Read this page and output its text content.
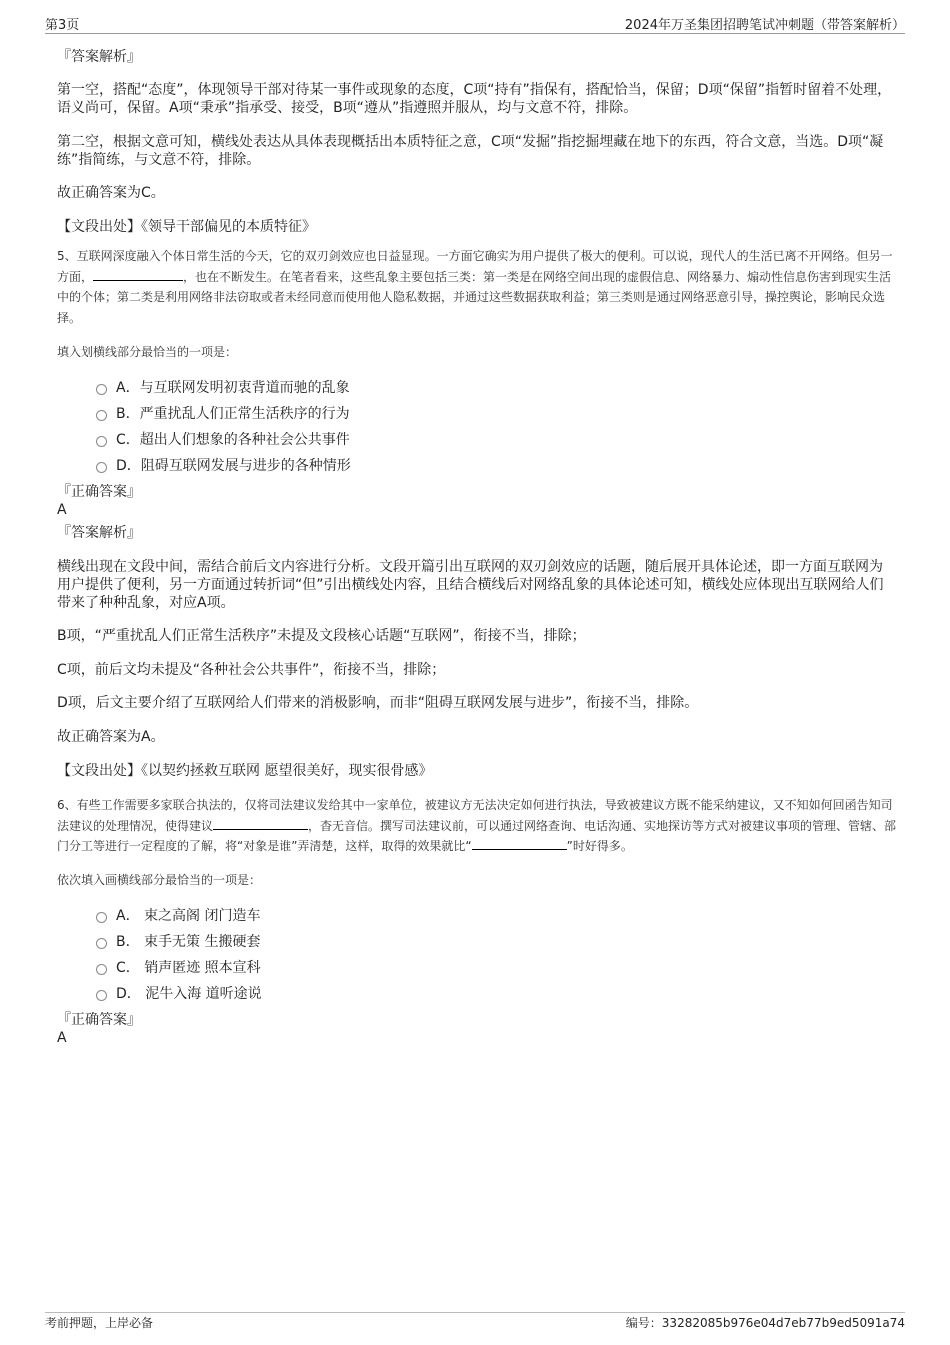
第3页	2024年万圣集团招聘笔试冲刺题（带答案解析）
『答案解析』
第一空，搭配“态度”，体现领导干部对待某一事件或现象的态度，C项“持有”指保有，搭配恰当，保留；D项“保留”指暂时留着不处理，语义尚可，保留。A项“秉承”指承受、接受，B项“遵从”指遵照并服从，均与文意不符，排除。
第二空，根据文意可知，横线处表达从具体表现概括出本质特征之意，C项“发掘”指挖掘埋藏在地下的东西，符合文意，当选。D项“凝练”指简练，与文意不符，排除。
故正确答案为C。
【文段出处】《领导干部偏见的本质特征》
5、互联网深度融入个体日常生活的今天，它的双刃剑效应也日益显现。一方面它确实为用户提供了极大的便利。可以说，现代人的生活已离不开网络。但另一方面，	，也在不断发生。在笔者看来，这些乱象主要包括三类：第一类是在网络空间出现的虚假信息、网络暴力、煽动性信息伤害到现实生活中的个体；第二类是利用网络非法窃取或者未经同意而使用他人隐私数据，并通过这些数据获取利益；第三类则是通过网络恶意引导，操控舆论，影响民众选择。
填入划横线部分最恰当的一项是：
A．与互联网发明初衷背道而驰的乱象
B．严重扰乱人们正常生活秩序的行为
C．超出人们想象的各种社会公共事件
D．阻碍互联网发展与进步的各种情形
『正确答案』
A
『答案解析』
横线出现在文段中间，需结合前后文内容进行分析。文段开篇引出互联网的双刃剑效应的话题，随后展开具体论述，即一方面互联网为用户提供了便利，另一方面通过转折词“但”引出横线处内容，且结合横线后对网络乱象的具体论述可知，横线处应体现出互联网给人们带来了种种乱象，对应A项。
B项，“严重扰乱人们正常生活秩序”未提及文段核心话题“互联网”，衔接不当，排除；
C项，前后文均未提及“各种社会公共事件”，衔接不当，排除；
D项，后文主要介绍了互联网给人们带来的消极影响，而非“阻碍互联网发展与进步”，衔接不当，排除。
故正确答案为A。
【文段出处】《以契约拯救互联网 愿望很美好，现实很骨感》
6、有些工作需要多家联合执法的，仅将司法建议发给其中一家单位，被建议方无法决定如何进行执法，导致被建议方既不能采纳建议，又不知如何回函告知司法建议的处理情况，使得建议	，杳无音信。撰写司法建议前，可以通过网络查询、电话沟通、实地探访等方式对被建议事项的管理、管辖、部门分工等进行一定程度的了解，将“对象是谁”弄清楚，这样，取得的效果就比“	”时好得多。
依次填入画横线部分最恰当的一项是：
A． 束之高阁 闭门造车
B． 束手无策 生搬硬套
C． 销声匿迹 照本宣科
D． 泥牛入海 道听途说
『正确答案』
A
考前押题，上岸必备	编号：33282085b976e04d7eb77b9ed5091a74
